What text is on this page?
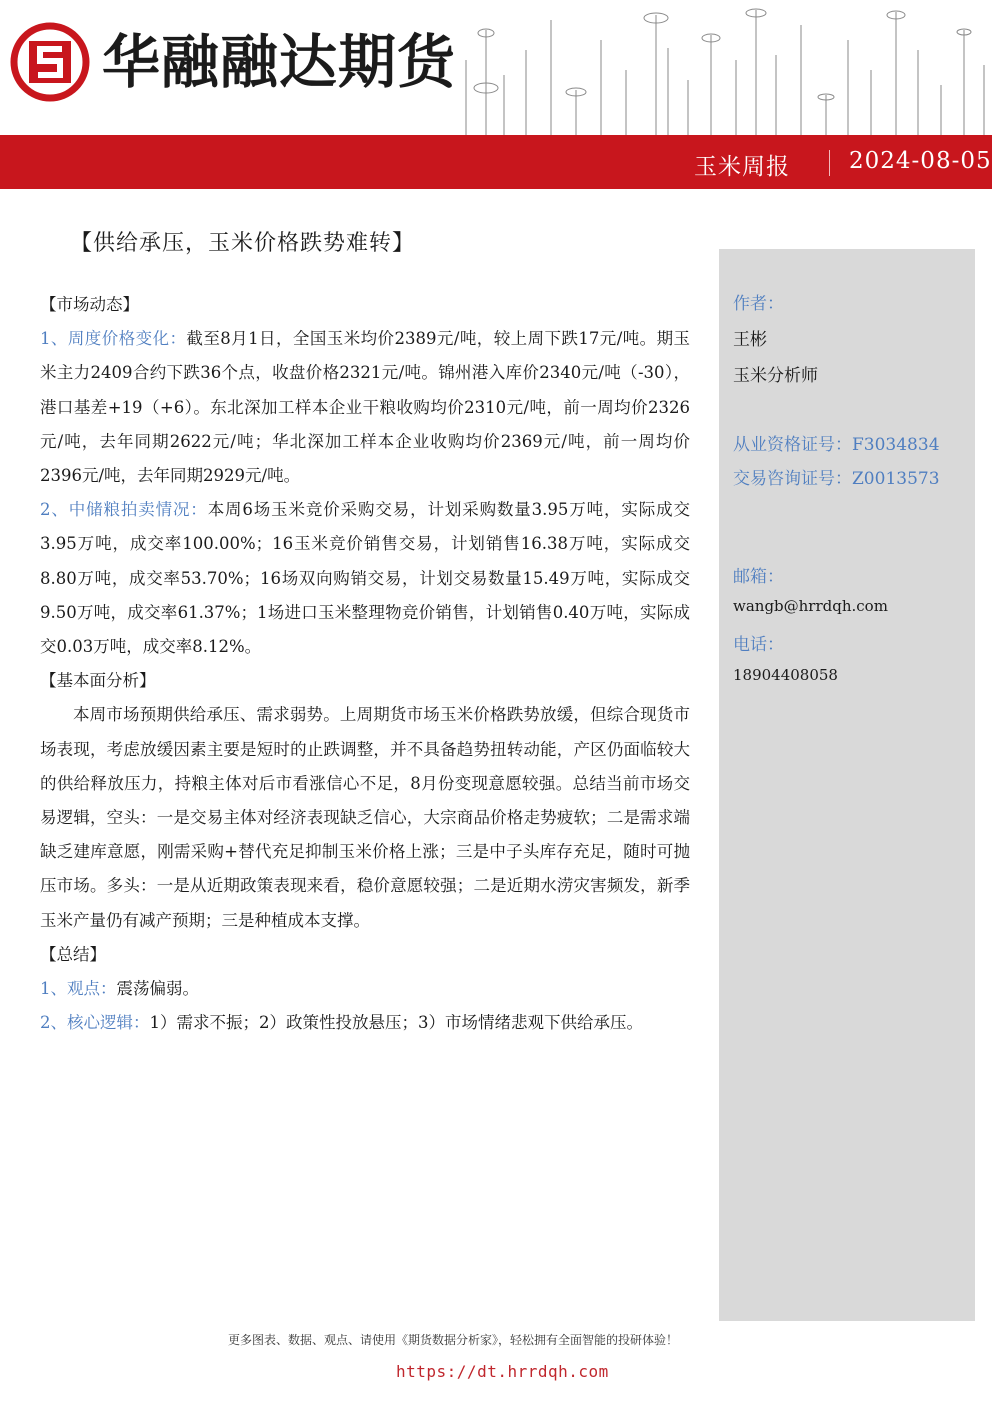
华融融达期货
玉米周报	2024-08-05
【供给承压，玉米价格跌势难转】

【市场动态】

1、周度价格变化：截至8月1日，全国玉米均价2389元/吨，较上周下跌17元/吨。期玉米主力2409合约下跌36个点，收盘价格2321元/吨。锦州港入库价2340元/吨（-30），港口基差+19（+6）。东北深加工样本企业干粮收购均价2310元/吨，前一周均价2326元/吨，去年同期2622元/吨；华北深加工样本企业收购均价2369元/吨，前一周均价2396元/吨，去年同期2929元/吨。

2、中储粮拍卖情况：本周6场玉米竞价采购交易，计划采购数量3.95万吨，实际成交3.95万吨，成交率100.00%；16玉米竞价销售交易，计划销售16.38万吨，实际成交8.80万吨，成交率53.70%；16场双向购销交易，计划交易数量15.49万吨，实际成交9.50万吨，成交率61.37%；1场进口玉米整理物竞价销售，计划销售0.40万吨，实际成交0.03万吨，成交率8.12%。

【基本面分析】

本周市场预期供给承压、需求弱势。上周期货市场玉米价格跌势放缓，但综合现货市场表现，考虑放缓因素主要是短时的止跌调整，并不具备趋势扭转动能，产区仍面临较大的供给释放压力，持粮主体对后市看涨信心不足，8月份变现意愿较强。总结当前市场交易逻辑，空头：一是交易主体对经济表现缺乏信心，大宗商品价格走势疲软；二是需求端缺乏建库意愿，刚需采购+替代充足抑制玉米价格上涨；三是中子头库存充足，随时可抛压市场。多头：一是从近期政策表现来看，稳价意愿较强；二是近期水涝灾害频发，新季玉米产量仍有减产预期；三是种植成本支撑。

【总结】

1、观点：震荡偏弱。

2、核心逻辑：1）需求不振；2）政策性投放悬压；3）市场情绪悲观下供给承压。

作者：
王彬
玉米分析师
从业资格证号：F3034834
交易咨询证号：Z0013573
邮箱：
wangb@hrrdqh.com
电话：
18904408058
更多图表、数据、观点、请使用《期货数据分析家》，轻松拥有全面智能的投研体验！
https://dt.hrrdqh.com
